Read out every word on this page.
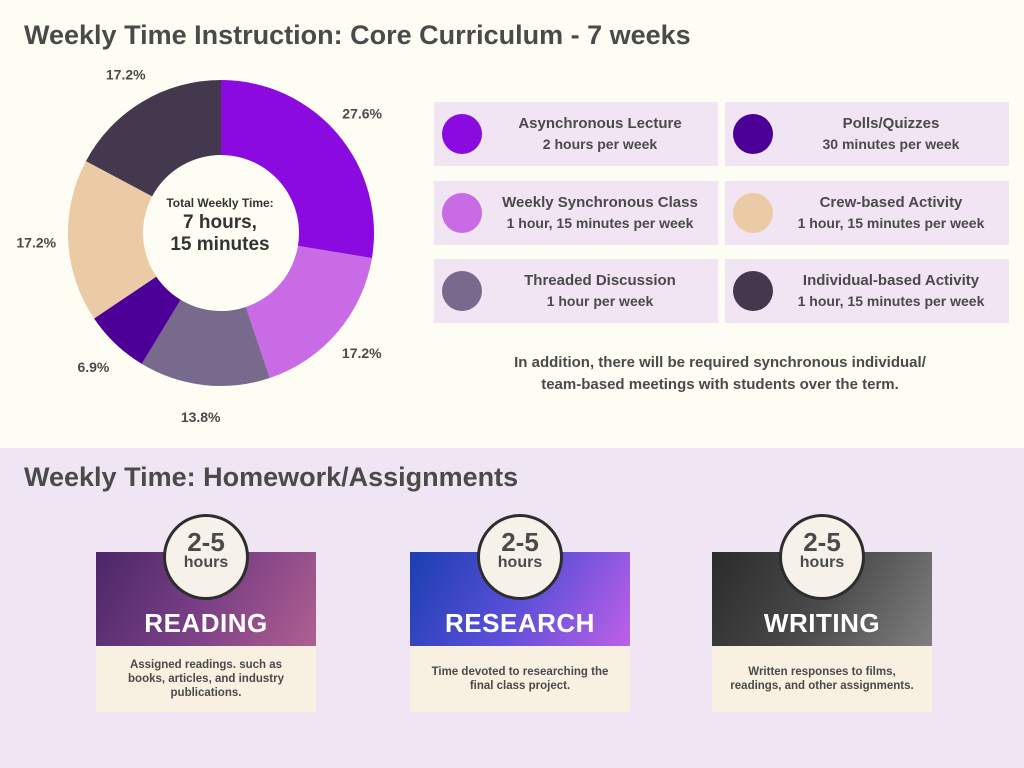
Weekly Time Instruction: Core Curriculum - 7 weeks
27.6%
17.2%
13.8%
6.9%
17.2%
17.2%
Total Weekly Time:
7 hours,
15 minutes
Asynchronous Lecture
2 hours per week
Polls/Quizzes
30 minutes per week
Weekly Synchronous Class
1 hour, 15 minutes per week
Crew-based Activity
1 hour, 15 minutes per week
Threaded Discussion
1 hour per week
Individual-based Activity
1 hour, 15 minutes per week
In addition, there will be required synchronous individual/
team-based meetings with students over the term.
Weekly Time: Homework/Assignments
READING
Assigned readings. such as books, articles, and industry publications.
2-5
hours
RESEARCH
Time devoted to researching the final class project.
2-5
hours
WRITING
Written responses to films, readings, and other assignments.
2-5
hours
